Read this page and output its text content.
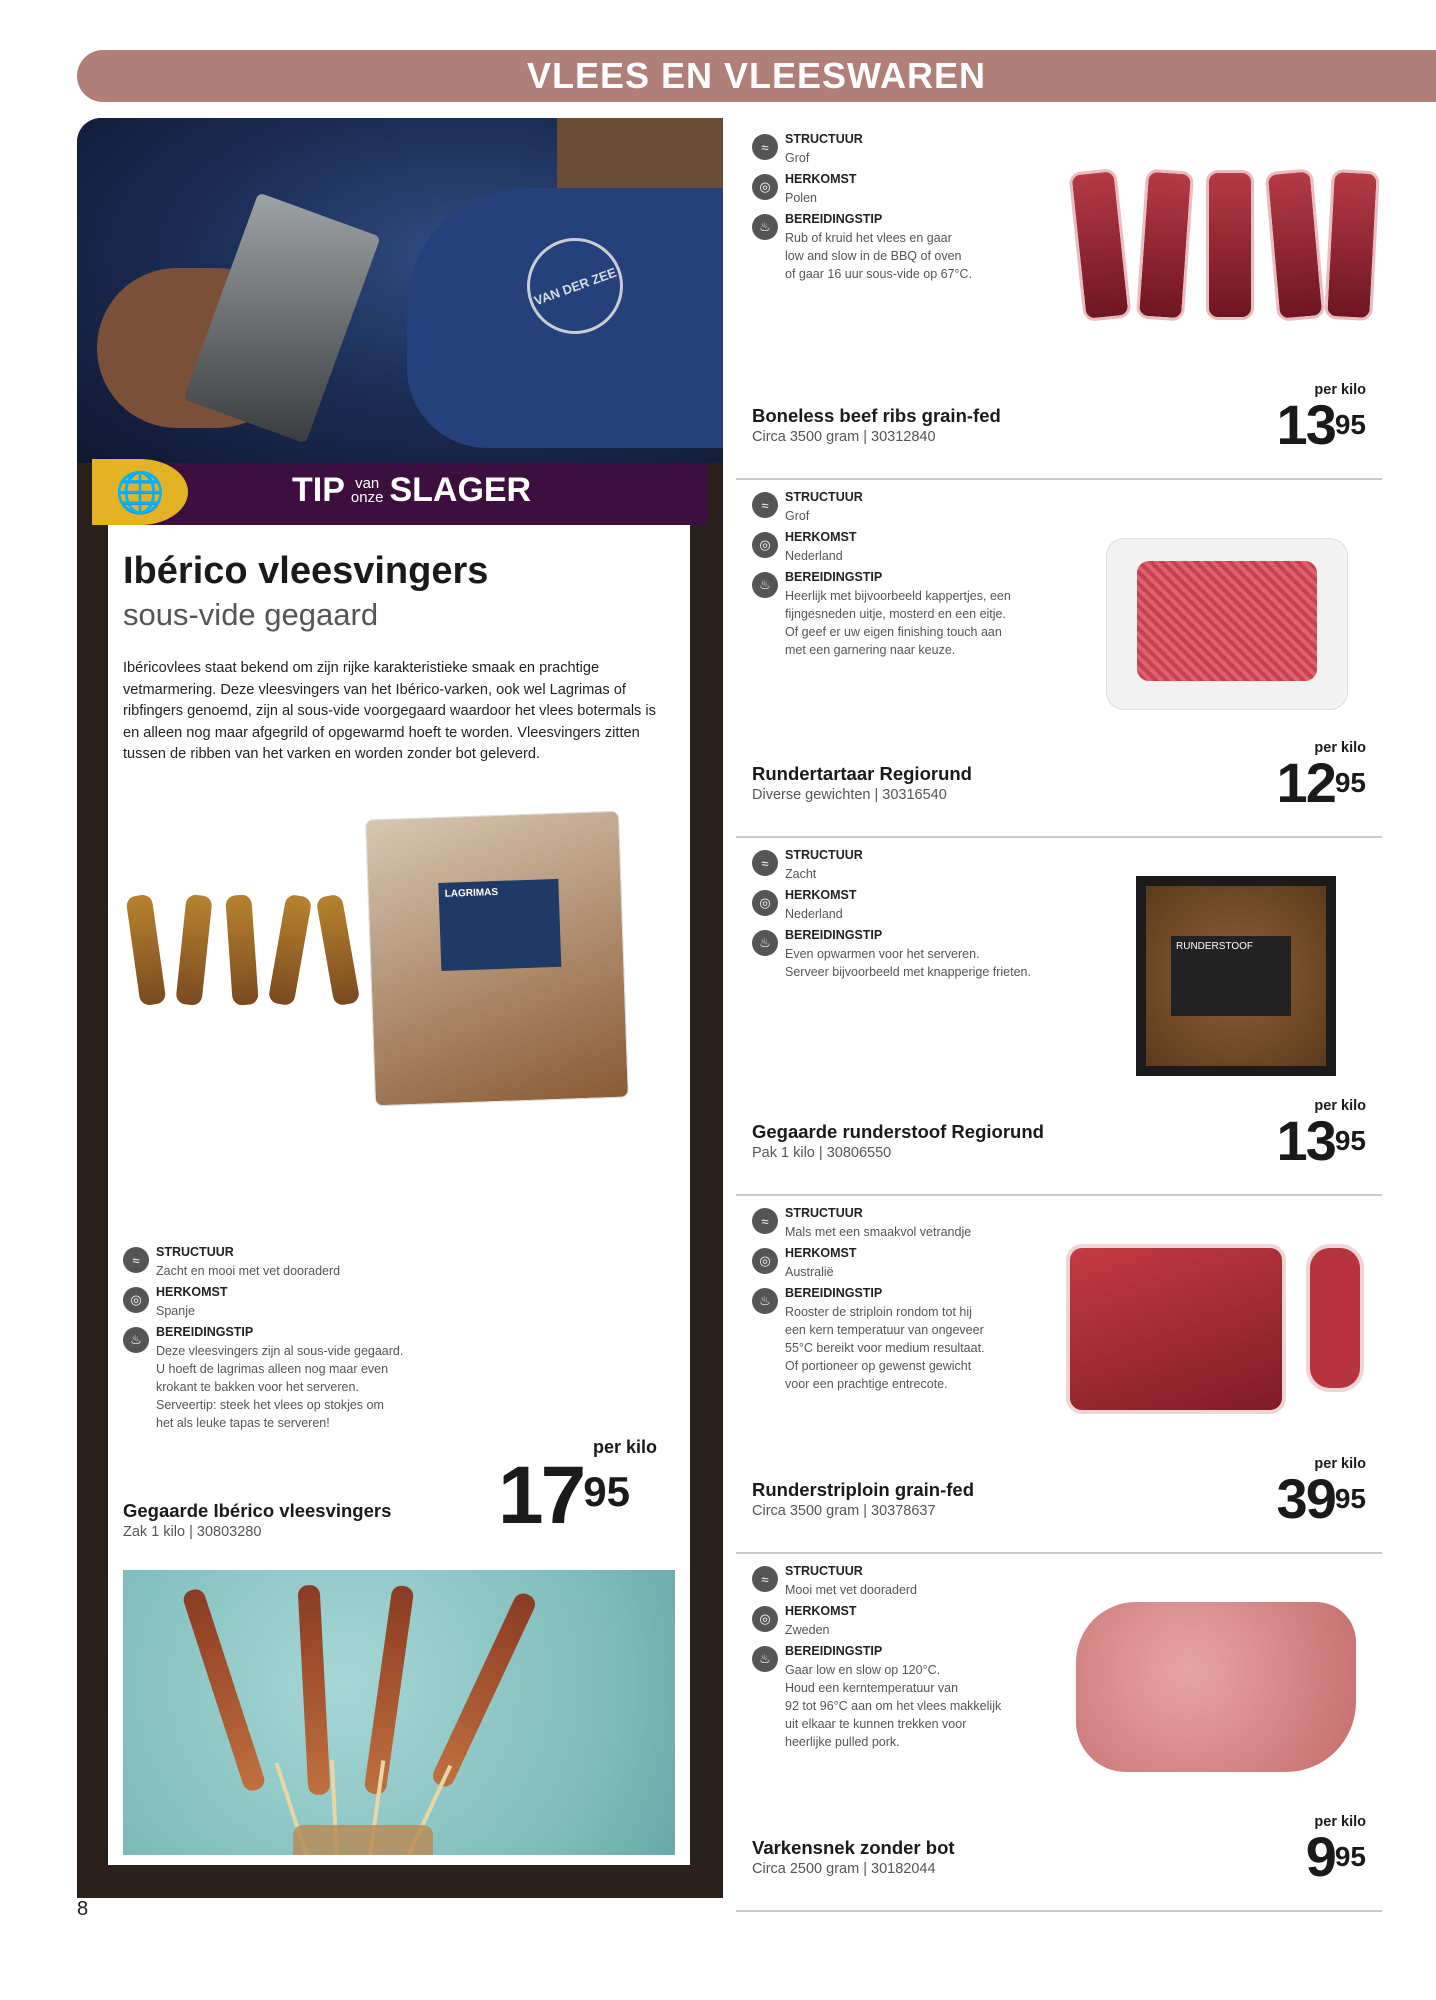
VLEES EN VLEESWAREN
VAN DER ZEE
🌐	TIP van
onze SLAGER
Ibérico vleesvingers
sous-vide gegaard
Ibéricovlees staat bekend om zijn rijke karakteristieke smaak en prachtige vetmarmering. Deze vleesvingers van het Ibérico-varken, ook wel Lagrimas of ribfingers genoemd, zijn al sous-vide voorgegaard waardoor het vlees botermals is en alleen nog maar afgegrild of opgewarmd hoeft te worden. Vleesvingers zitten tussen de ribben van het varken en worden zonder bot geleverd.
LAGRIMAS
≈
STRUCTUUR
Zacht en mooi met vet dooraderd
◎	HERKOMST
Spanje
♨	BEREIDINGSTIP
Deze vleesvingers zijn al sous-vide gegaard.
U hoeft de lagrimas alleen nog maar even
krokant te bakken voor het serveren.
Serveertip: steek het vlees op stokjes om
het als leuke tapas te serveren!
per kilo
$17^{95}$
Gegaarde Ibérico vleesvingers
Zak 1 kilo | 30803280
8
≈
STRUCTUUR
Grof
◎	HERKOMST
Polen
♨	BEREIDINGSTIP
Rub of kruid het vlees en gaar
low and slow in de BBQ of oven
of gaar 16 uur sous-vide op 67°C.
per kilo
$13^{95}$
Boneless beef ribs grain-fed
Circa 3500 gram | 30312840
≈
STRUCTUUR
Grof
◎	HERKOMST
Nederland
♨	BEREIDINGSTIP
Heerlijk met bijvoorbeeld kappertjes, een
fijngesneden uitje, mosterd en een eitje.
Of geef er uw eigen finishing touch aan
met een garnering naar keuze.
per kilo
$12^{95}$
Rundertartaar Regiorund
Diverse gewichten | 30316540
≈
STRUCTUUR
Zacht
◎	HERKOMST
Nederland
♨	BEREIDINGSTIP
Even opwarmen voor het serveren.
Serveer bijvoorbeeld met knapperige frieten.
RUNDERSTOOF
per kilo
$13^{95}$
Gegaarde runderstoof Regiorund
Pak 1 kilo | 30806550
≈
STRUCTUUR
Mals met een smaakvol vetrandje
◎	HERKOMST
Australië
♨	BEREIDINGSTIP
Rooster de striploin rondom tot hij
een kern temperatuur van ongeveer
55°C bereikt voor medium resultaat.
Of portioneer op gewenst gewicht
voor een prachtige entrecote.
per kilo
$39^{95}$
Runderstriploin grain-fed
Circa 3500 gram | 30378637
≈
STRUCTUUR
Mooi met vet dooraderd
◎	HERKOMST
Zweden
♨	BEREIDINGSTIP
Gaar low en slow op 120°C.
Houd een kerntemperatuur van
92 tot 96°C aan om het vlees makkelijk
uit elkaar te kunnen trekken voor
heerlijke pulled pork.
per kilo
$9^{95}$
Varkensnek zonder bot
Circa 2500 gram | 30182044
